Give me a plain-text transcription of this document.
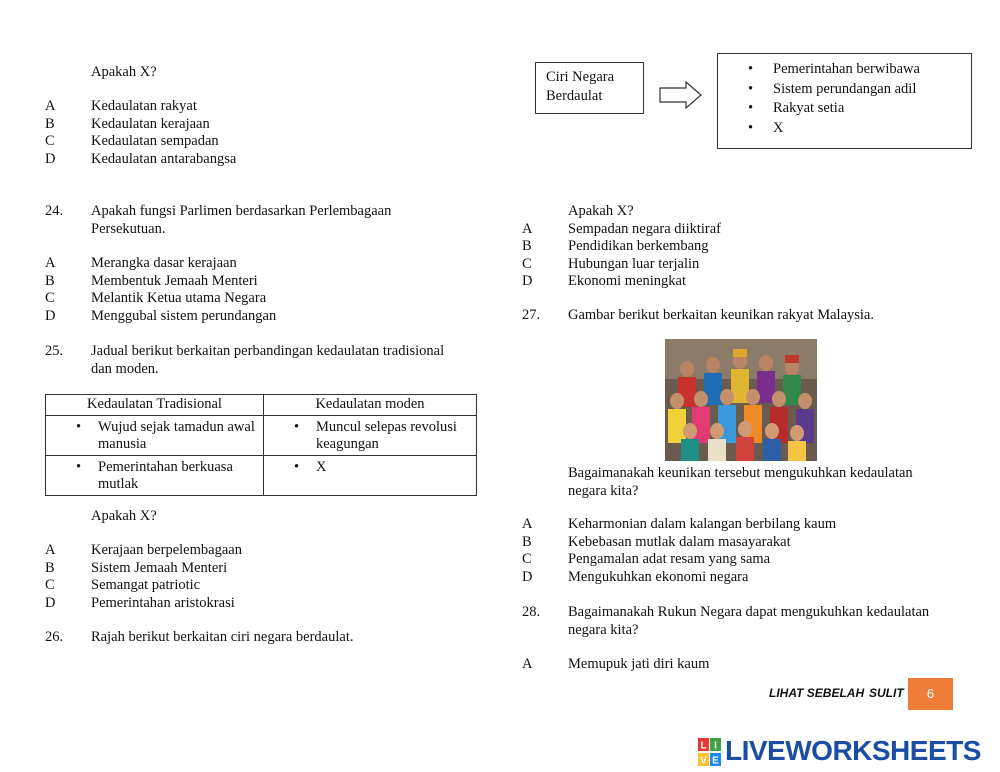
Apakah X?
A Kedaulatan rakyat
B	Kedaulatan kerajaan
C	Kedaulatan sempadan
D Kedaulatan antarabangsa
24. Apakah fungsi Parlimen berdasarkan Perlembagaan
Persekutuan.
A Merangka dasar kerajaan
B	Membentuk Jemaah Menteri
C	Melantik Ketua utama Negara
D Menggubal sistem perundangan
25. Jadual berikut berkaitan perbandingan kedaulatan tradisional
dan moden.
Kedaulatan Tradisional	Kedaulatan moden

• Wujud sejak tamadun awal manusia	• Muncul selepas revolusi keagungan

• Pemerintahan berkuasa mutlak	• X
Apakah X?
A Kerajaan berpelembagaan
B	Sistem Jemaah Menteri
C	Semangat patriotic
D Pemerintahan aristokrasi
26. Rajah berikut berkaitan ciri negara berdaulat.
Ciri Negara
Berdaulat
• Pemerintahan berwibawa
• Sistem perundangan adil
• Rakyat setia
• X
Apakah X?
A Sempadan negara diiktiraf
B	Pendidikan berkembang
C	Hubungan luar terjalin
D Ekonomi meningkat
27. Gambar berikut berkaitan keunikan rakyat Malaysia.
Bagaimanakah keunikan tersebut mengukuhkan kedaulatan
negara kita?
A Keharmonian dalam kalangan berbilang kaum
B	Kebebasan mutlak dalam masayarakat
C	Pengamalan adat resam yang sama
D Mengukuhkan ekonomi negara
28. Bagaimanakah Rukun Negara dapat mengukuhkan kedaulatan
negara kita?
A Memupuk jati diri kaum
LIHAT SEBELAH SULIT	6
L I
V E LIVEWORKSHEETS
